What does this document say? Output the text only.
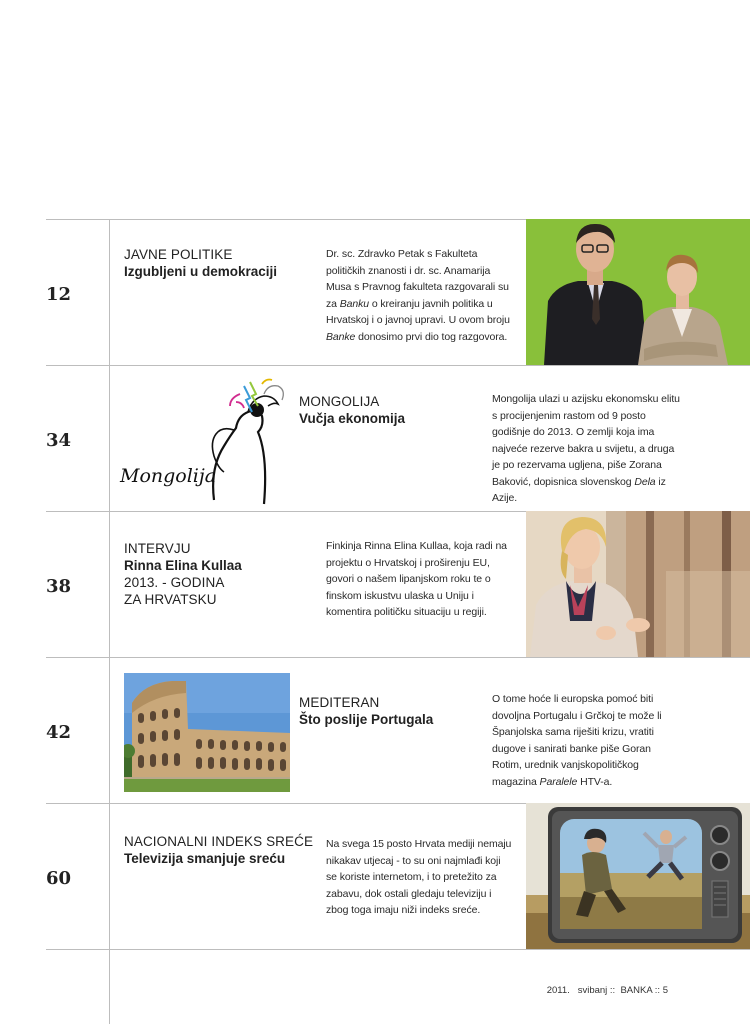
12
JAVNE POLITIKE
Izgubljeni u demokraciji
Dr. sc. Zdravko Petak s Fakulteta političkih znanosti i dr. sc. Anamarija Musa s Pravnog fakulteta razgovarali su za Banku o kreiranju javnih politika u Hrvatskoj i o javnoj upravi. U ovom broju Banke donosimo prvi dio tog razgovora.
34
Mongolija
MONGOLIJA
Vučja ekonomija
Mongolija ulazi u azijsku ekonomsku elitu s procijenjenim rastom od 9 posto godišnje do 2013. O zemlji koja ima najveće rezerve bakra u svijetu, a druga je po rezervama ugljena, piše Zorana Baković, dopisnica slovenskog Dela iz Azije.
38
INTERVJU
Rinna Elina Kullaa
2013. - GODINA
ZA HRVATSKU
Finkinja Rinna Elina Kullaa, koja radi na projektu o Hrvatskoj i proširenju EU, govori o našem lipanjskom roku te o finskom iskustvu ulaska u Uniju i komentira političku situaciju u regiji.
42
MEDITERAN
Što poslije Portugala
O tome hoće li europska pomoć biti dovoljna Portugalu i Grčkoj te može li Španjolska sama riješiti krizu, vratiti dugove i sanirati banke piše Goran Rotim, urednik vanjskopolitičkog magazina Paralele HTV-a.
60
NACIONALNI INDEKS SREĆE
Televizija smanjuje sreću
Na svega 15 posto Hrvata mediji nemaju nikakav utjecaj - to su oni najmlađi koji se koriste internetom, i to pretežito za zabavu, dok ostali gledaju televiziju i zbog toga imaju niži indeks sreće.
2011.   svibanj ::  BANKA :: 5
